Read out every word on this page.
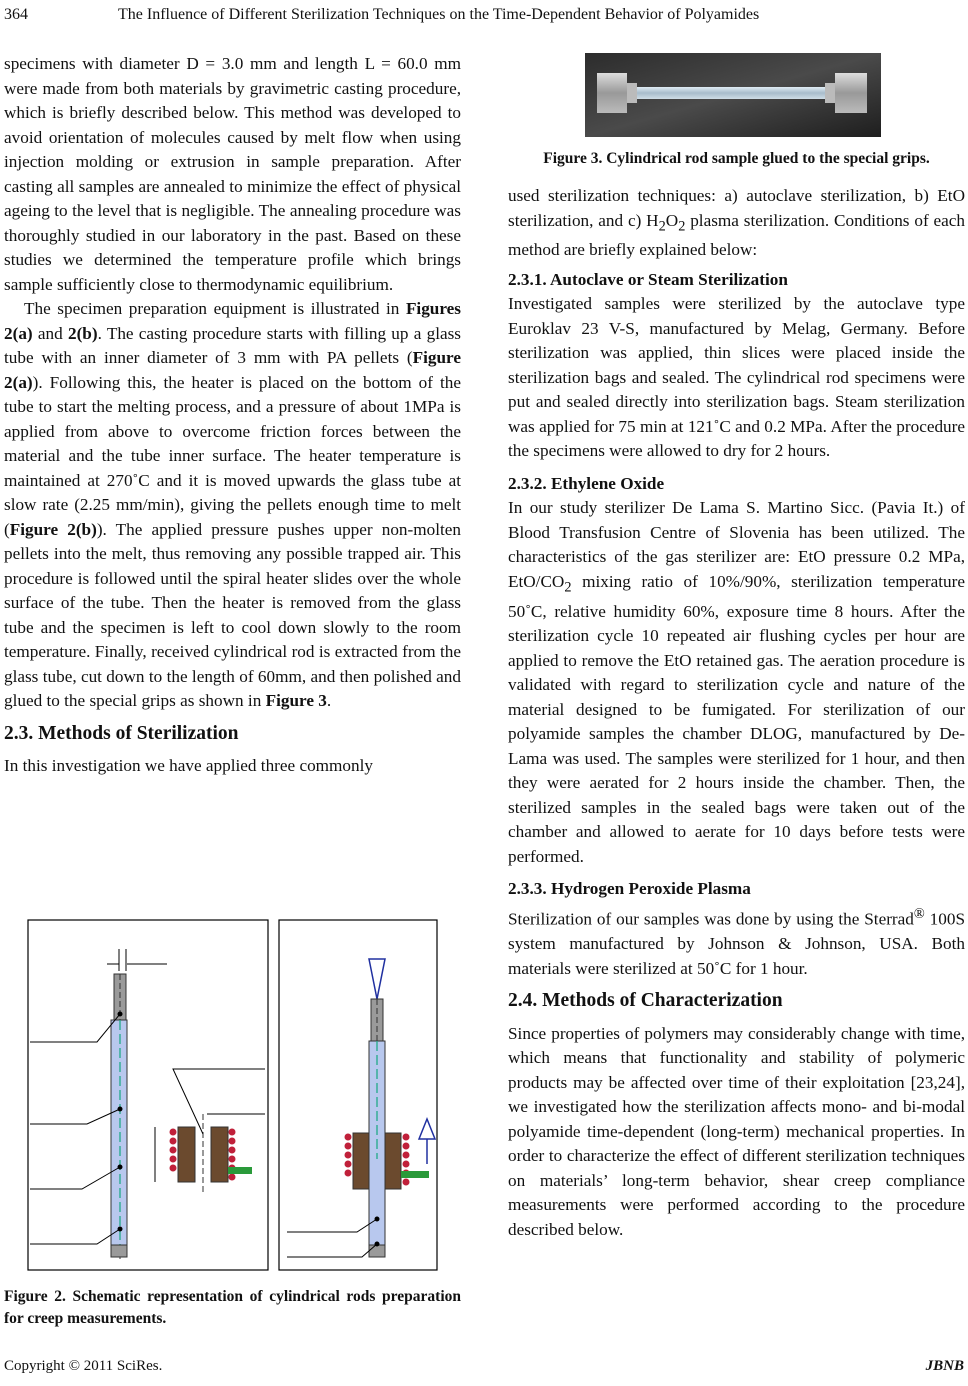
364	The Influence of Different Sterilization Techniques on the Time-Dependent Behavior of Polyamides

specimens with diameter D = 3.0 mm and length L = 60.0 mm were made from both materials by gravimetric casting procedure, which is briefly described below. This method was developed to avoid orientation of molecules caused by melt flow when using injection molding or extrusion in sample preparation. After casting all samples are annealed to minimize the effect of physical ageing to the level that is negligible. The annealing procedure was thoroughly studied in our laboratory in the past. Based on these studies we determined the temperature profile which brings sample sufficiently close to thermodynamic equilibrium.

The specimen preparation equipment is illustrated in Figures 2(a) and 2(b). The casting procedure starts with filling up a glass tube with an inner diameter of 3 mm with PA pellets (Figure 2(a)). Following this, the heater is placed on the bottom of the tube to start the melting process, and a pressure of about 1MPa is applied from above to overcome friction forces between the material and the tube inner surface. The heater temperature is maintained at 270˚C and it is moved upwards the glass tube at slow rate (2.25 mm/min), giving the pellets enough time to melt (Figure 2(b)). The applied pressure pushes upper non-molten pellets into the melt, thus removing any possible trapped air. This procedure is followed until the spiral heater slides over the whole surface of the tube. Then the heater is removed from the glass tube and the specimen is left to cool down slowly to the room temperature. Finally, received cylindrical rod is extracted from the glass tube, cut down to the length of 60mm, and then polished and glued to the special grips as shown in Figure 3.

2.3. Methods of Sterilization

In this investigation we have applied three commonly

Figure 2. Schematic representation of cylindrical rods preparation for creep measurements.
Figure 3. Cylindrical rod sample glued to the special grips.

used sterilization techniques: a) autoclave sterilization, b) EtO sterilization, and c) $H_2O_2$ plasma sterilization. Conditions of each method are briefly explained below:

2.3.1. Autoclave or Steam Sterilization

Investigated samples were sterilized by the autoclave type Euroklav 23 V-S, manufactured by Melag, Germany. Before sterilization was applied, thin slices were placed inside the sterilization bags and sealed. The cylindrical rod specimens were put and sealed directly into sterilization bags. Steam sterilization was applied for 75 min at 121˚C and 0.2 MPa. After the procedure the specimens were allowed to dry for 2 hours.

2.3.2. Ethylene Oxide

In our study sterilizer De Lama S. Martino Sicc. (Pavia It.) of Blood Transfusion Centre of Slovenia has been utilized. The characteristics of the gas sterilizer are: EtO pressure 0.2 MPa, EtO/$CO_2$ mixing ratio of 10%/90%, sterilization temperature 50˚C, relative humidity 60%, exposure time 8 hours. After the sterilization cycle 10 repeated air flushing cycles per hour are applied to remove the EtO retained gas. The aeration procedure is validated with regard to sterilization cycle and nature of the material designed to be fumigated. For sterilization of our polyamide samples the chamber DLOG, manufactured by De-Lama was used. The samples were sterilized for 1 hour, and then they were aerated for 2 hours inside the chamber. Then, the sterilized samples in the sealed bags were taken out of the chamber and allowed to aerate for 10 days before tests were performed.

2.3.3. Hydrogen Peroxide Plasma

Sterilization of our samples was done by using the Sterrad® 100S system manufactured by Johnson & Johnson, USA. Both materials were sterilized at 50˚C for 1 hour.

2.4. Methods of Characterization

Since properties of polymers may considerably change with time, which means that functionality and stability of polymeric products may be affected over time of their exploitation [23,24], we investigated how the sterilization affects mono- and bi-modal polyamide time-dependent (long-term) mechanical properties. In order to characterize the effect of different sterilization techniques on materials’ long-term behavior, shear creep compliance measurements were performed according to the procedure described below.

Copyright © 2011 SciRes.	JBNB
